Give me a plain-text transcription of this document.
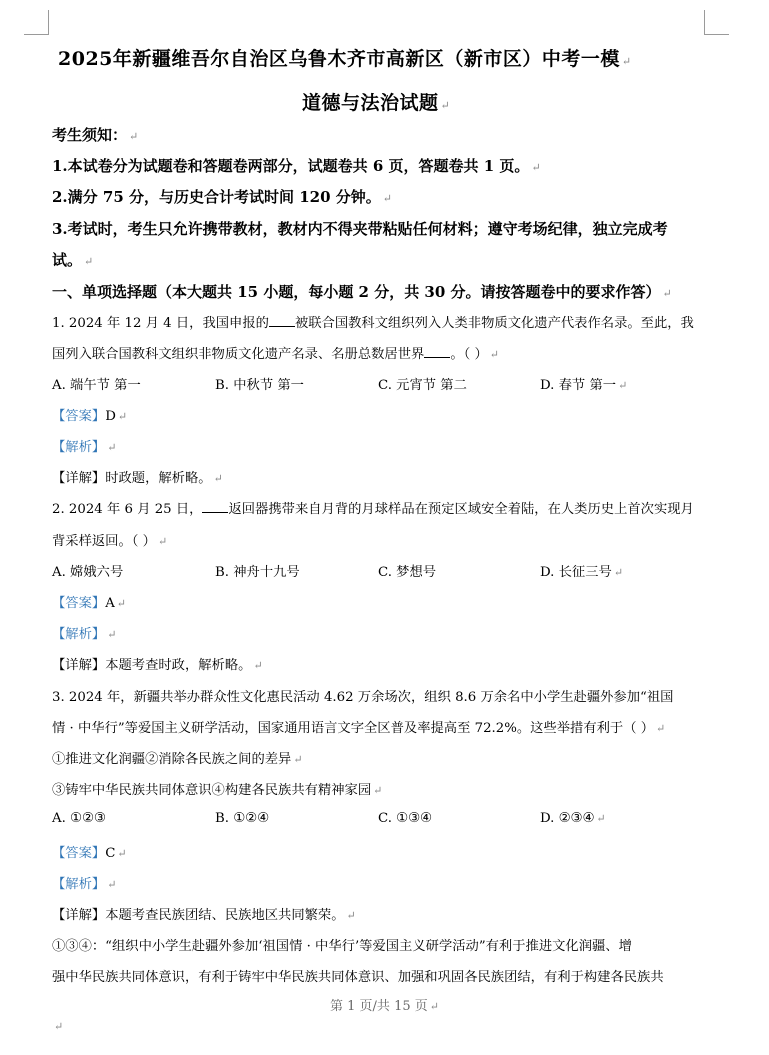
2025年新疆维吾尔自治区乌鲁木齐市高新区（新市区）中考一模 ↵
道德与法治试题 ↵
考生须知： ↵
1.本试卷分为试题卷和答题卷两部分，试题卷共 6 页，答题卷共 1 页。 ↵
2.满分 75 分，与历史合计考试时间 120 分钟。 ↵
3.考试时，考生只允许携带教材，教材内不得夹带粘贴任何材料；遵守考场纪律，独立完成考
试。 ↵
一、单项选择题（本大题共 15 小题，每小题 2 分，共 30 分。请按答题卷中的要求作答） ↵
1. 2024 年 12 月 4 日，我国申报的 被联合国教科文组织列入人类非物质文化遗产代表作名录。至此，我
国列入联合国教科文组织非物质文化遗产名录、名册总数居世界 。（ ） ↵
A. 端午节 第一	B. 中秋节 第一	C. 元宵节 第二	D. 春节 第一 ↵
【答案】D ↵
【解析】 ↵
【详解】时政题，解析略。 ↵
2. 2024 年 6 月 25 日， 返回器携带来自月背的月球样品在预定区域安全着陆，在人类历史上首次实现月
背采样返回。（ ） ↵
A. 嫦娥六号	B. 神舟十九号	C. 梦想号	D. 长征三号 ↵
【答案】A ↵
【解析】 ↵
【详解】本题考查时政，解析略。 ↵
3. 2024 年，新疆共举办群众性文化惠民活动 4.62 万余场次，组织 8.6 万余名中小学生赴疆外参加“祖国
情 · 中华行”等爱国主义研学活动，国家通用语言文字全区普及率提高至 72.2%。这些举措有利于（ ） ↵
①推进文化润疆②消除各民族之间的差异 ↵
③铸牢中华民族共同体意识④构建各民族共有精神家园 ↵
A. ①②③	B. ①②④	C. ①③④	D. ②③④ ↵
【答案】C ↵
【解析】 ↵
【详解】本题考查民族团结、民族地区共同繁荣。 ↵
①③④：“组织中小学生赴疆外参加‘祖国情 · 中华行’等爱国主义研学活动”有利于推进文化润疆、增
强中华民族共同体意识，有利于铸牢中华民族共同体意识、加强和巩固各民族团结，有利于构建各民族共
第 1 页/共 15 页 ↵
↵
